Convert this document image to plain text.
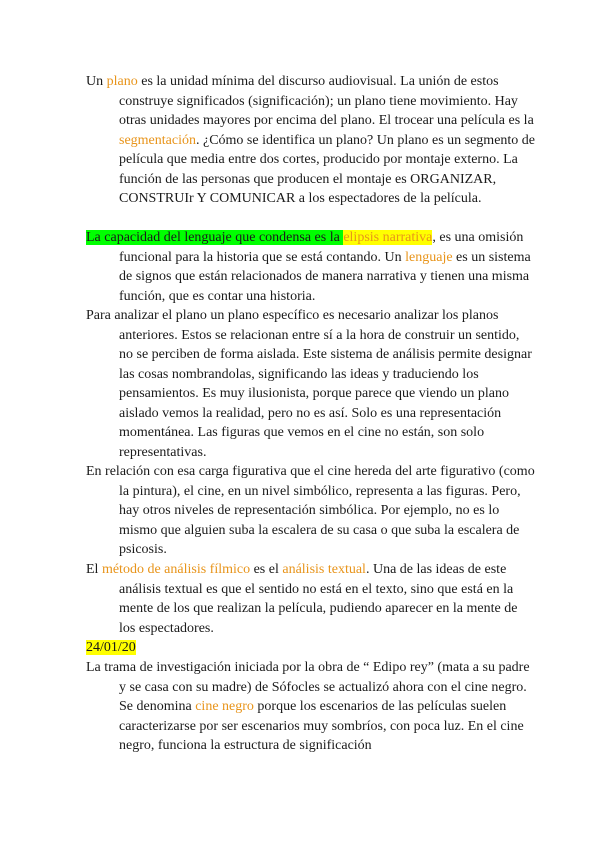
Un plano es la unidad mínima del discurso audiovisual. La unión de estos construye significados (significación); un plano tiene movimiento. Hay otras unidades mayores por encima del plano. El trocear una película es la segmentación. ¿Cómo se identifica un plano? Un plano es un segmento de película que media entre dos cortes, producido por montaje externo. La función de las personas que producen el montaje es ORGANIZAR, CONSTRUIr Y COMUNICAR a los espectadores de la película.

La capacidad del lenguaje que condensa es la elipsis narrativa, es una omisión funcional para la historia que se está contando. Un lenguaje es un sistema de signos que están relacionados de manera narrativa y tienen una misma función, que es contar una historia.

Para analizar el plano un plano específico es necesario analizar los planos anteriores. Estos se relacionan entre sí a la hora de construir un sentido, no se perciben de forma aislada. Este sistema de análisis permite designar las cosas nombrandolas, significando las ideas y traduciendo los pensamientos. Es muy ilusionista, porque parece que viendo un plano aislado vemos la realidad, pero no es así. Solo es una representación momentánea. Las figuras que vemos en el cine no están, son solo representativas.

En relación con esa carga figurativa que el cine hereda del arte figurativo (como la pintura), el cine, en un nivel simbólico, representa a las figuras. Pero, hay otros niveles de representación simbólica. Por ejemplo, no es lo mismo que alguien suba la escalera de su casa o que suba la escalera de psicosis.

El método de análisis fílmico es el análisis textual. Una de las ideas de este análisis textual es que el sentido no está en el texto, sino que está en la mente de los que realizan la película, pudiendo aparecer en la mente de los espectadores.

24/01/20

La trama de investigación iniciada por la obra de “ Edipo rey” (mata a su padre y se casa con su madre) de Sófocles se actualizó ahora con el cine negro. Se denomina cine negro porque los escenarios de las películas suelen caracterizarse por ser escenarios muy sombríos, con poca luz. En el cine negro, funciona la estructura de significación
